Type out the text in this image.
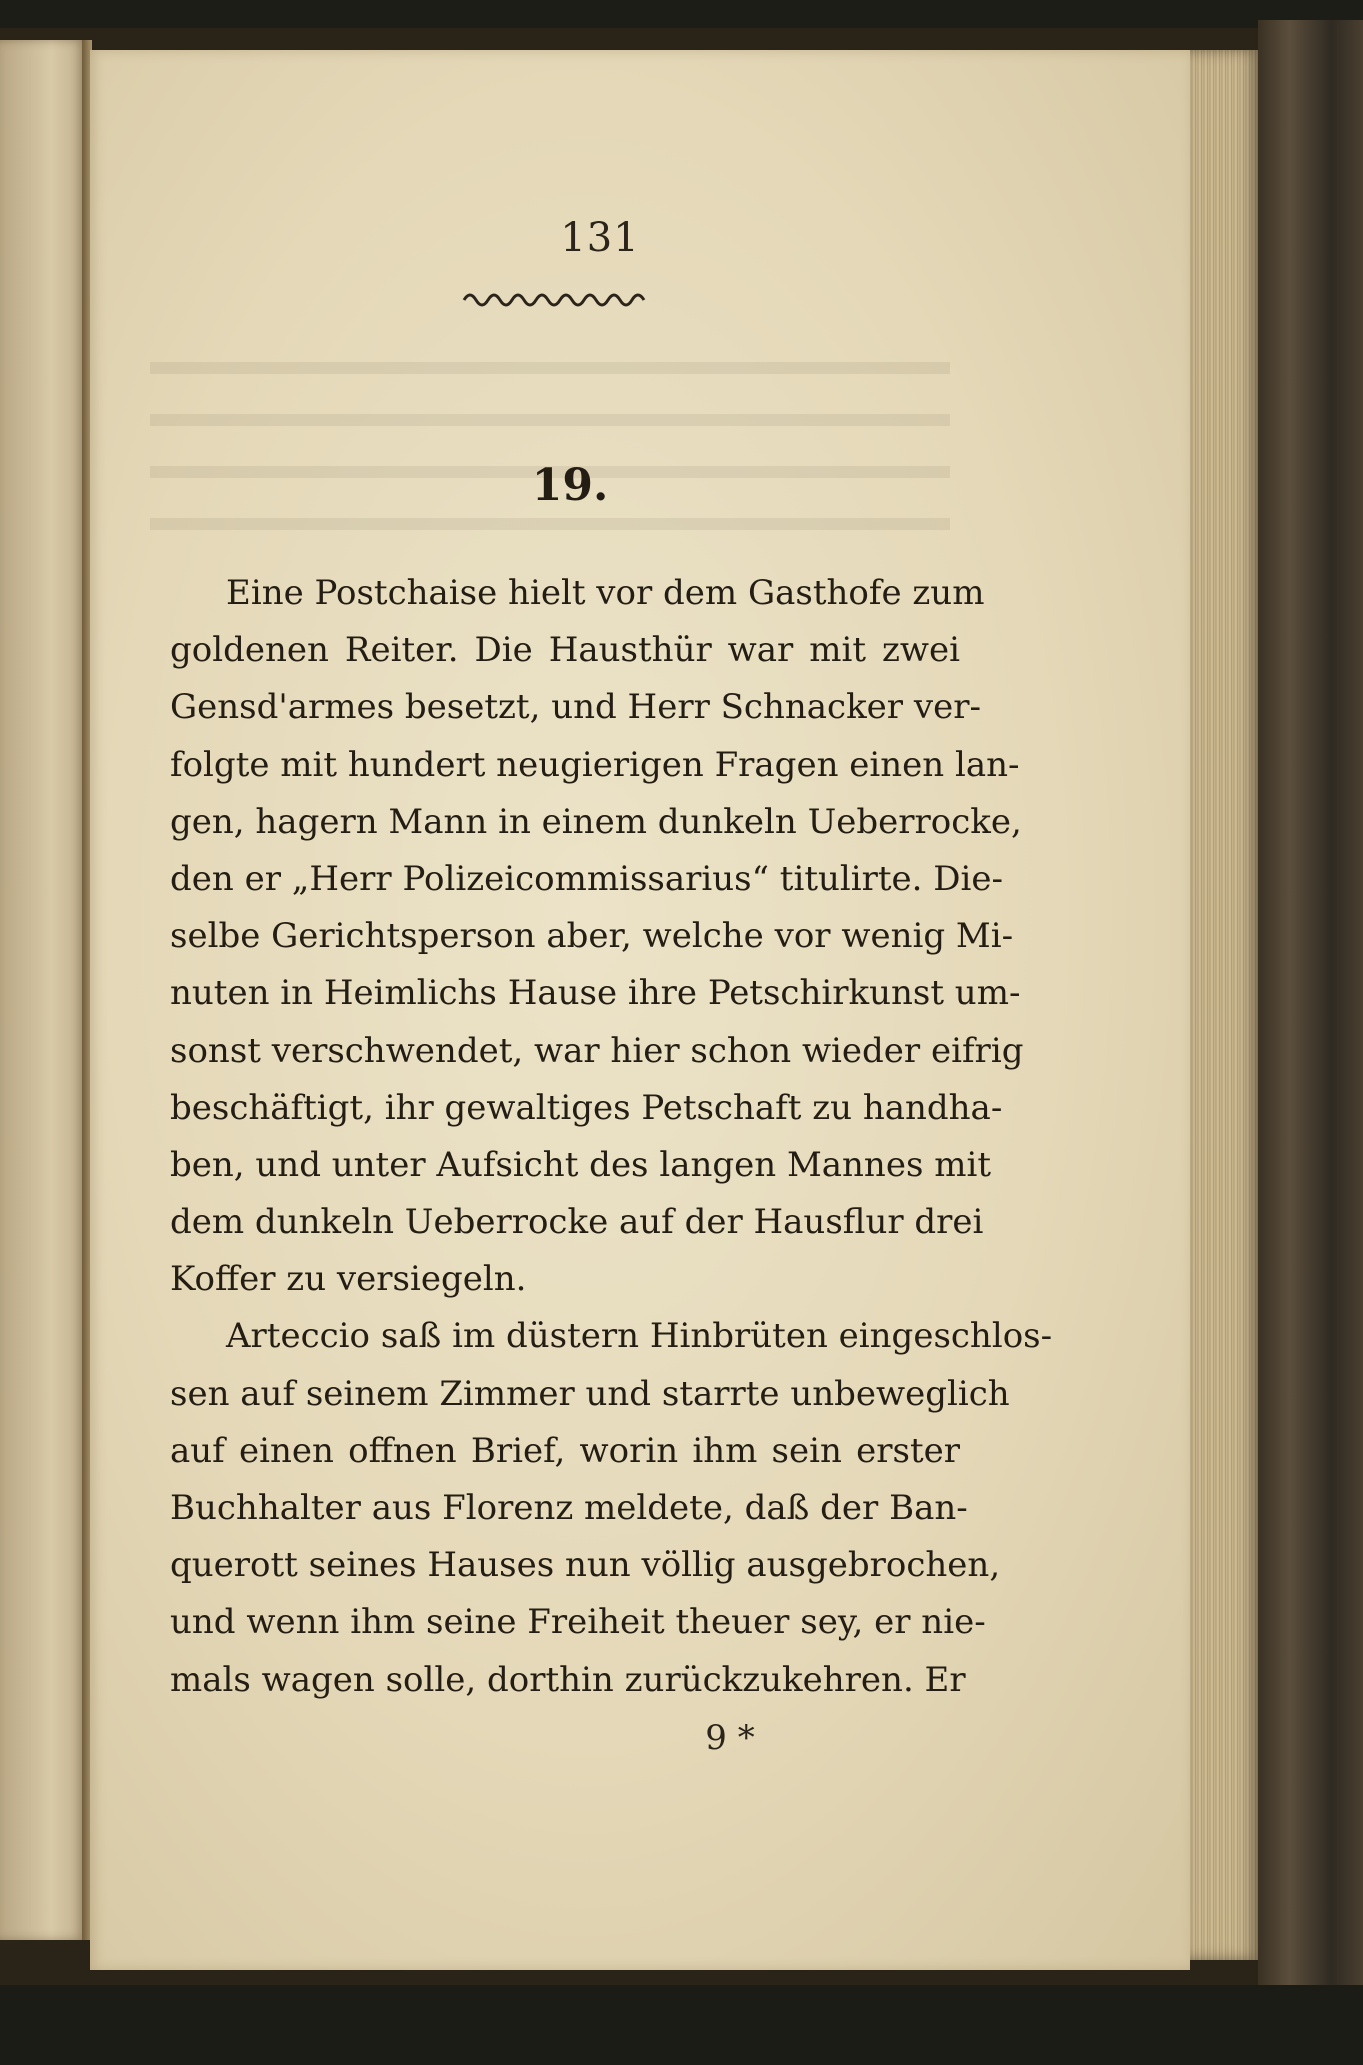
131
19.
Eine Postchaise hielt vor dem Gasthofe zum
goldenen Reiter. Die Hausthür war mit zwei
Gensd'armes besetzt, und Herr Schnacker ver-
folgte mit hundert neugierigen Fragen einen lan-
gen, hagern Mann in einem dunkeln Ueberrocke,
den er „Herr Polizeicommissarius“ titulirte. Die-
selbe Gerichtsperson aber, welche vor wenig Mi-
nuten in Heimlichs Hause ihre Petschirkunst um-
sonst verschwendet, war hier schon wieder eifrig
beschäftigt, ihr gewaltiges Petschaft zu handha-
ben, und unter Aufsicht des langen Mannes mit
dem dunkeln Ueberrocke auf der Hausflur drei
Koffer zu versiegeln.
Arteccio saß im düstern Hinbrüten eingeschlos-
sen auf seinem Zimmer und starrte unbeweglich
auf einen offnen Brief, worin ihm sein erster
Buchhalter aus Florenz meldete, daß der Ban-
querott seines Hauses nun völlig ausgebrochen,
und wenn ihm seine Freiheit theuer sey, er nie-
mals wagen solle, dorthin zurückzukehren. Er
9 *
